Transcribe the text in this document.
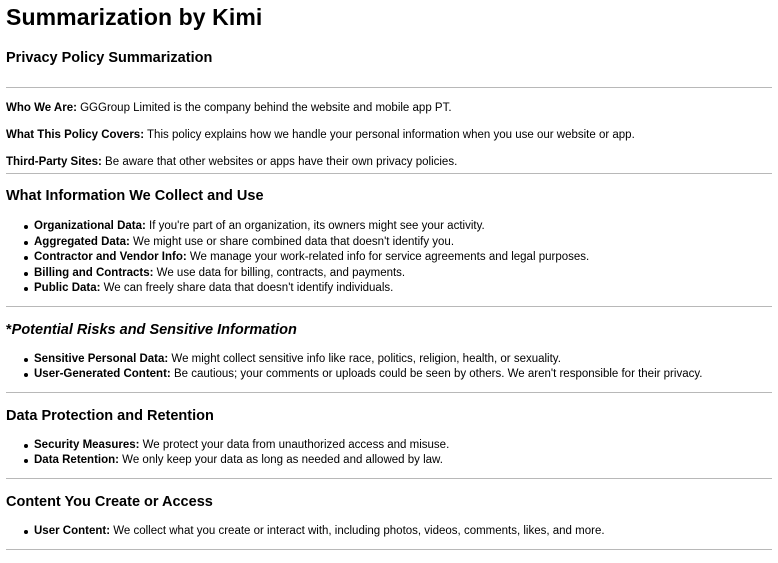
Summarization by Kimi
Privacy Policy Summarization

Who We Are: GGGroup Limited is the company behind the website and mobile app PT.

What This Policy Covers: This policy explains how we handle your personal information when you use our website or app.

Third-Party Sites: Be aware that other websites or apps have their own privacy policies.

What Information We Collect and Use
Organizational Data: If you're part of an organization, its owners might see your activity.
Aggregated Data: We might use or share combined data that doesn't identify you.
Contractor and Vendor Info: We manage your work-related info for service agreements and legal purposes.
Billing and Contracts: We use data for billing, contracts, and payments.
Public Data: We can freely share data that doesn't identify individuals.
*Potential Risks and Sensitive Information
Sensitive Personal Data: We might collect sensitive info like race, politics, religion, health, or sexuality.
User-Generated Content: Be cautious; your comments or uploads could be seen by others. We aren't responsible for their privacy.
Data Protection and Retention
Security Measures: We protect your data from unauthorized access and misuse.
Data Retention: We only keep your data as long as needed and allowed by law.
Content You Create or Access
User Content: We collect what you create or interact with, including photos, videos, comments, likes, and more.
